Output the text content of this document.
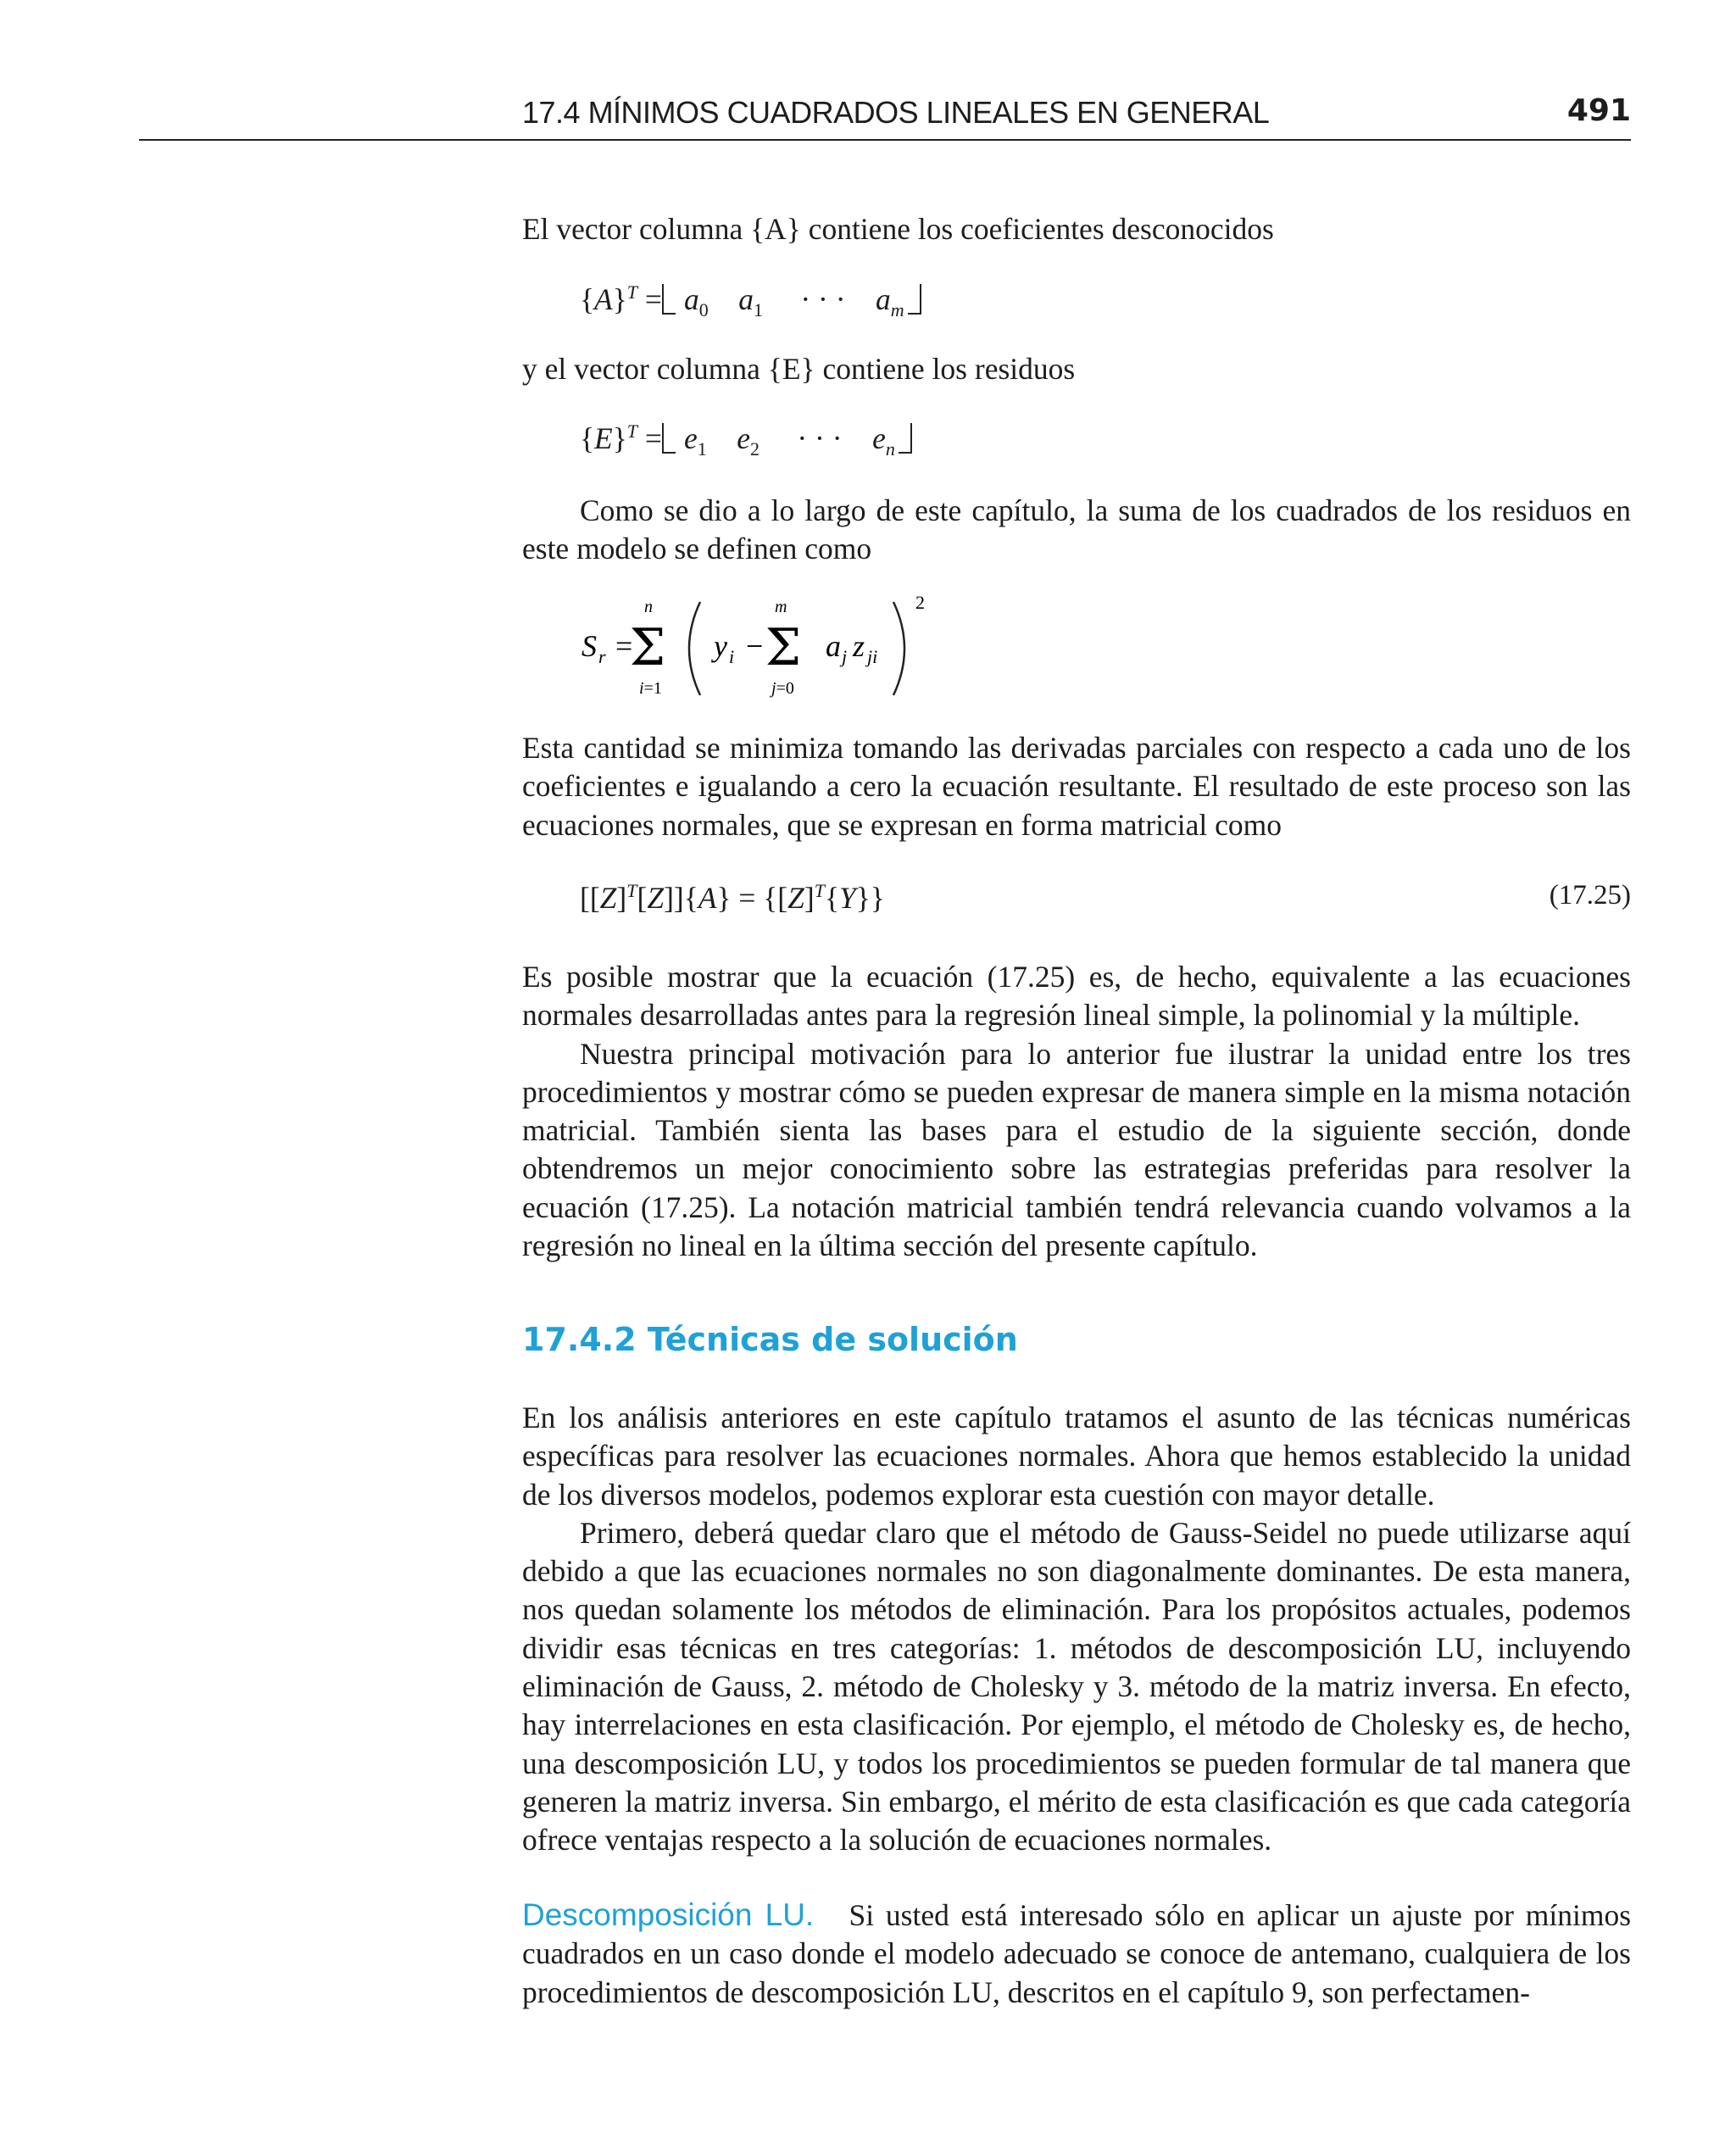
17.4 MÍNIMOS CUADRADOS LINEALES EN GENERAL	491

El vector columna {A} contiene los coeficientes desconocidos

$\{A\}^T = a_0$ $a_1$     · · ·    $a_m$

y el vector columna {E} contiene los residuos

$\{E\}^T = e_1$ $e_2$     · · ·    $e_n$

Como se dio a lo largo de este capítulo, la suma de los cuadrados de los residuos en este modelo se definen como

S r =
n
Σ
i=1
y i −
m
Σ
j=0
a j z ji
2

Esta cantidad se minimiza tomando las derivadas parciales con respecto a cada uno de los coeficientes e igualando a cero la ecuación resultante. El resultado de este proceso son las ecuaciones normales, que se expresan en forma matricial como

$[[Z]^T[Z]]\{A\} = \{[Z]^T\{Y\}\}$	(17.25)

Es posible mostrar que la ecuación (17.25) es, de hecho, equivalente a las ecuaciones normales desarrolladas antes para la regresión lineal simple, la polinomial y la múltiple.

Nuestra principal motivación para lo anterior fue ilustrar la unidad entre los tres procedimientos y mostrar cómo se pueden expresar de manera simple en la misma notación matricial. También sienta las bases para el estudio de la siguiente sección, donde obtendremos un mejor conocimiento sobre las estrategias preferidas para resolver la ecuación (17.25). La notación matricial también tendrá relevancia cuando volvamos a la regresión no lineal en la última sección del presente capítulo.

17.4.2 Técnicas de solución

En los análisis anteriores en este capítulo tratamos el asunto de las técnicas numéricas específicas para resolver las ecuaciones normales. Ahora que hemos establecido la unidad de los diversos modelos, podemos explorar esta cuestión con mayor detalle.

Primero, deberá quedar claro que el método de Gauss-Seidel no puede utilizarse aquí debido a que las ecuaciones normales no son diagonalmente dominantes. De esta manera, nos quedan solamente los métodos de eliminación. Para los propósitos actuales, podemos dividir esas técnicas en tres categorías: 1. métodos de descomposición LU, incluyendo eliminación de Gauss, 2. método de Cholesky y 3. método de la matriz inversa. En efecto, hay interrelaciones en esta clasificación. Por ejemplo, el método de Cholesky es, de hecho, una descomposición LU, y todos los procedimientos se pueden formular de tal manera que generen la matriz inversa. Sin embargo, el mérito de esta clasificación es que cada categoría ofrece ventajas respecto a la solución de ecuaciones normales.

Descomposición LU. Si usted está interesado sólo en aplicar un ajuste por mínimos cuadrados en un caso donde el modelo adecuado se conoce de antemano, cualquiera de los procedimientos de descomposición LU, descritos en el capítulo 9, son perfectamen-
